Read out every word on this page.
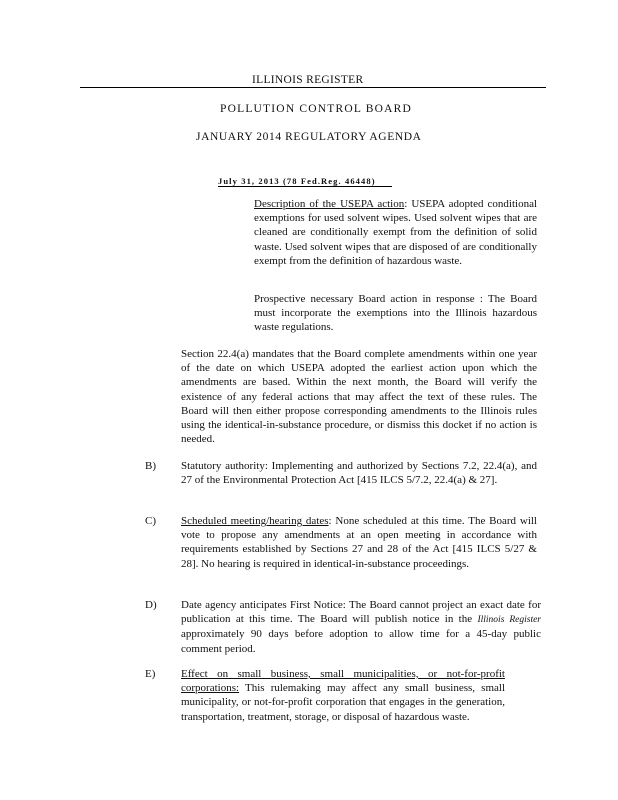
ILLINOIS REGISTER
POLLUTION CONTROL BOARD
JANUARY 2014 REGULATORY AGENDA
July 31, 2013 (78 Fed.Reg. 46448)

Description of the USEPA action: USEPA adopted conditional exemptions for used solvent wipes. Used solvent wipes that are cleaned are conditionally exempt from the definition of solid waste. Used solvent wipes that are disposed of are conditionally exempt from the definition of hazardous waste.

Prospective necessary Board action in response : The Board must incorporate the exemptions into the Illinois hazardous waste regulations.

Section 22.4(a) mandates that the Board complete amendments within one year of the date on which USEPA adopted the earliest action upon which the amendments are based. Within the next month, the Board will verify the existence of any federal actions that may affect the text of these rules. The Board will then either propose corresponding amendments to the Illinois rules using the identical-in-substance procedure, or dismiss this docket if no action is needed.

B) Statutory authority: Implementing and authorized by Sections 7.2, 22.4(a), and 27 of the Environmental Protection Act [415 ILCS 5/7.2, 22.4(a) & 27].

C) Scheduled meeting/hearing dates: None scheduled at this time. The Board will vote to propose any amendments at an open meeting in accordance with requirements established by Sections 27 and 28 of the Act [415 ILCS 5/27 & 28]. No hearing is required in identical-in-substance proceedings.

D) Date agency anticipates First Notice: The Board cannot project an exact date for publication at this time. The Board will publish notice in the Illinois Register approximately 90 days before adoption to allow time for a 45-day public comment period.

E) Effect on small business, small municipalities, or not-for-profit corporations: This rulemaking may affect any small business, small municipality, or not-for-profit corporation that engages in the generation, transportation, treatment, storage, or disposal of hazardous waste.
